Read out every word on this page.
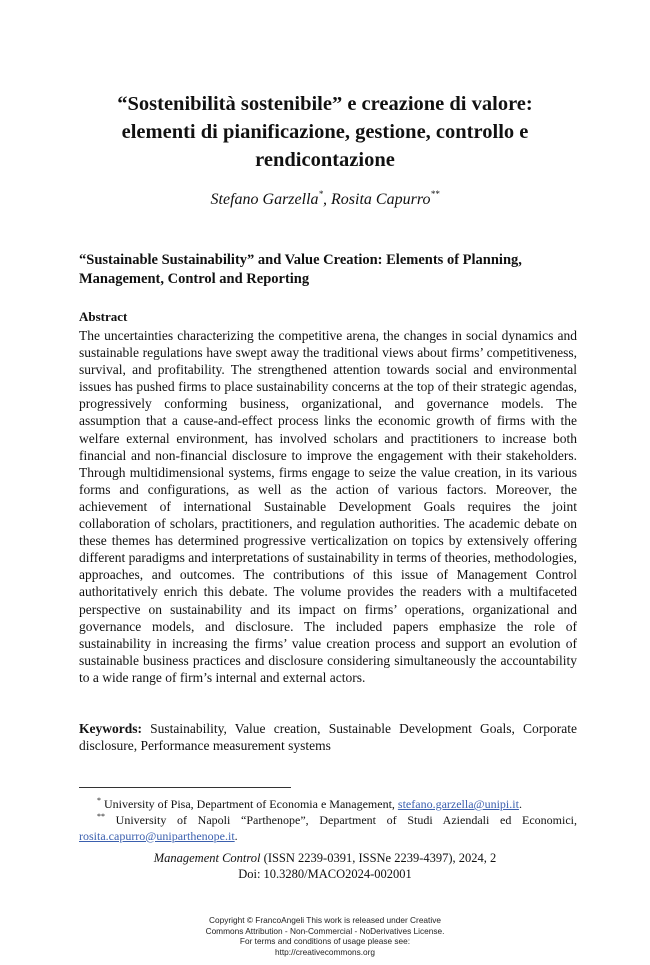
“Sostenibilità sostenibile” e creazione di valore:
elementi di pianificazione, gestione, controllo e
rendicontazione
Stefano Garzella*, Rosita Capurro**
“Sustainable Sustainability” and Value Creation: Elements of Planning,
Management, Control and Reporting
Abstract

The uncertainties characterizing the competitive arena, the changes in social dynamics and sustainable regulations have swept away the traditional views about firms’ competitiveness, survival, and profitability. The strengthened attention towards social and environmental issues has pushed firms to place sustainability concerns at the top of their strategic agendas, progressively conforming business, organizational, and governance models. The assumption that a cause-and-effect process links the economic growth of firms with the welfare external environment, has involved scholars and practitioners to increase both financial and non-financial disclosure to improve the engagement with their stakeholders. Through multidimensional systems, firms engage to seize the value creation, in its various forms and configurations, as well as the action of various factors. Moreover, the achievement of international Sustainable Development Goals requires the joint collaboration of scholars, practitioners, and regulation authorities. The academic debate on these themes has determined progressive verticalization on topics by extensively offering different paradigms and interpretations of sustainability in terms of theories, methodologies, approaches, and outcomes. The contributions of this issue of Management Control authoritatively enrich this debate. The volume provides the readers with a multifaceted perspective on sustainability and its impact on firms’ operations, organizational and governance models, and disclosure. The included papers emphasize the role of sustainability in increasing the firms’ value creation process and support an evolution of sustainable business practices and disclosure considering simultaneously the accountability to a wide range of firm’s internal and external actors.

Keywords: Sustainability, Value creation, Sustainable Development Goals, Corporate disclosure, Performance measurement systems

* University of Pisa, Department of Economia e Management, stefano.garzella@unipi.it.

** University of Napoli “Parthenope”, Department of Studi Aziendali ed Economici, rosita.capurro@uniparthenope.it.

Management Control (ISSN 2239-0391, ISSNe 2239-4397), 2024, 2
Doi: 10.3280/MACO2024-002001
Copyright © FrancoAngeli This work is released under Creative
Commons Attribution - Non-Commercial - NoDerivatives License.
For terms and conditions of usage please see:
http://creativecommons.org
